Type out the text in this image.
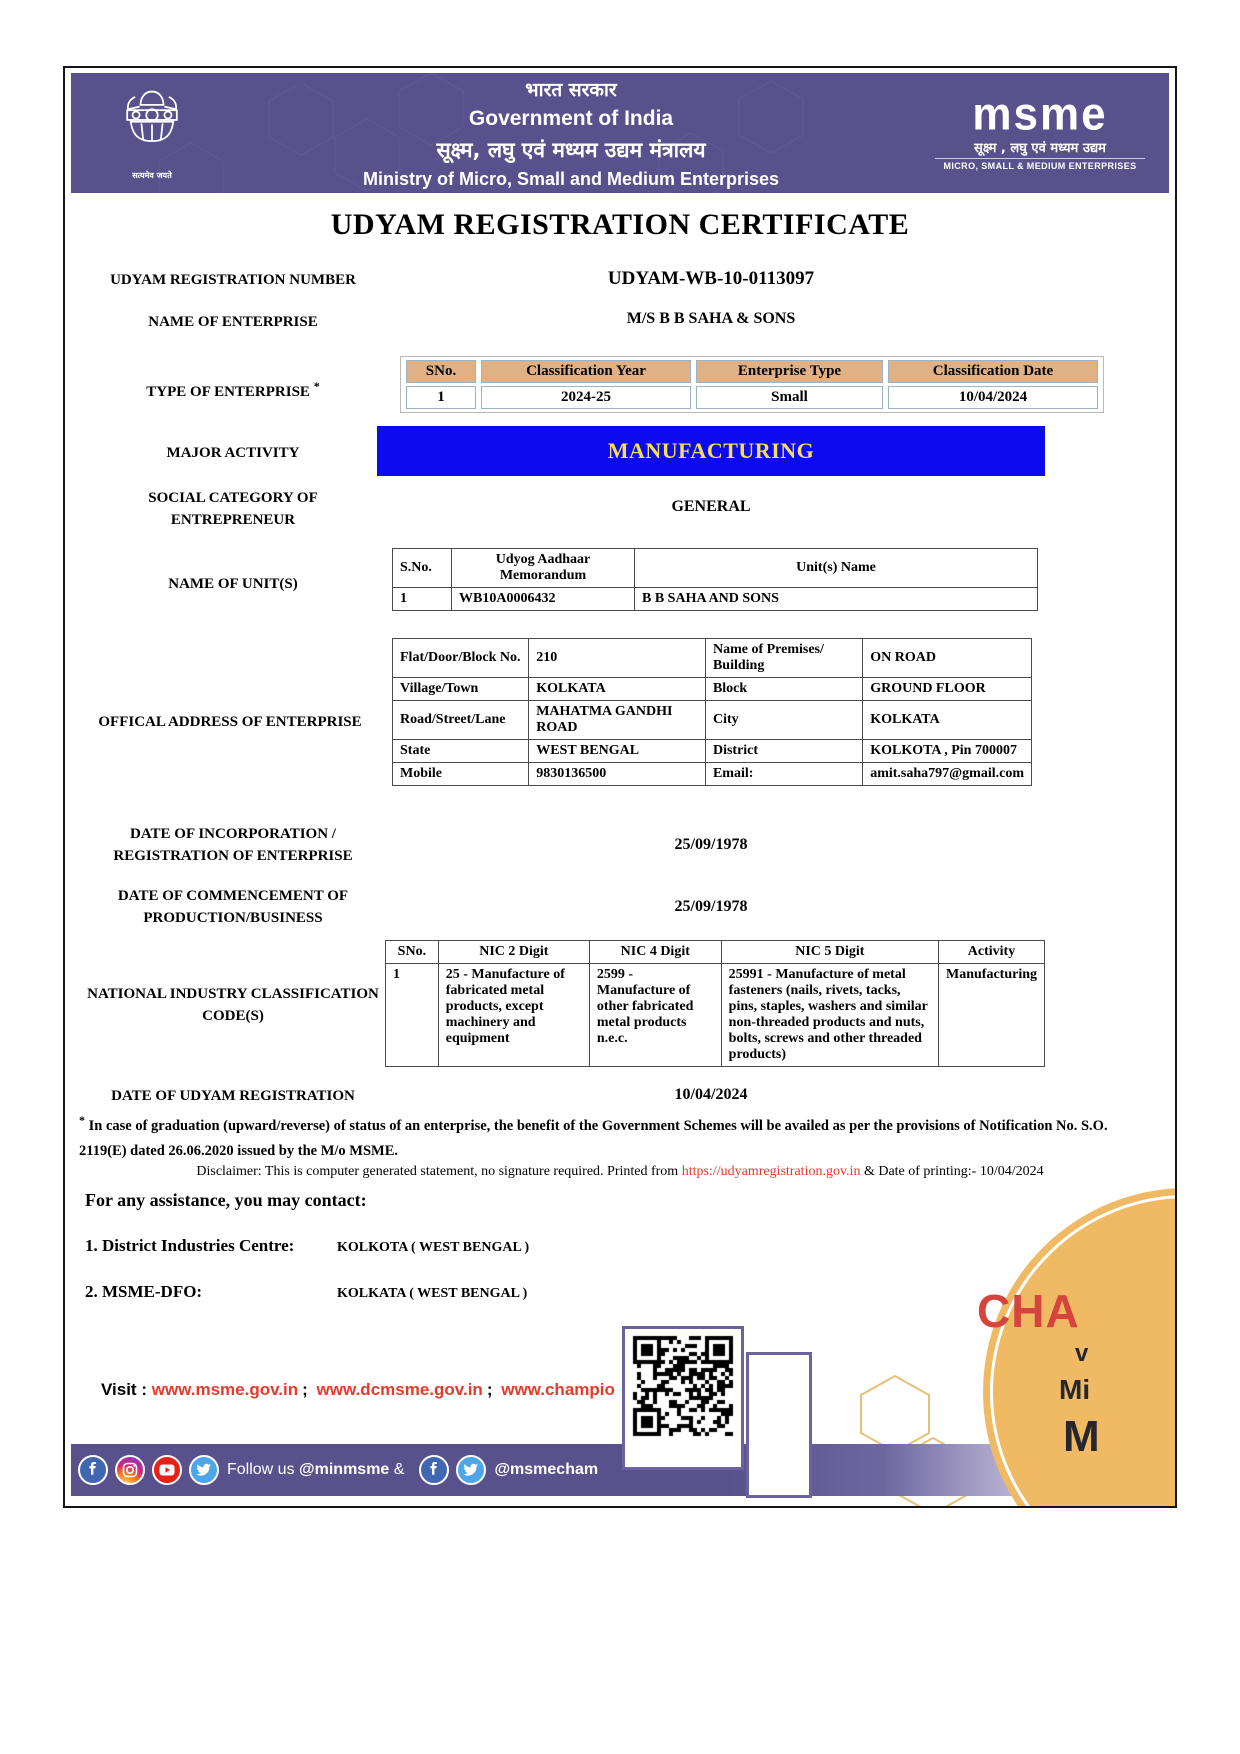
सत्यमेव जयते
भारत सरकार
Government of India
सूक्ष्म, लघु एवं मध्यम उद्यम मंत्रालय
Ministry of Micro, Small and Medium Enterprises
msme
सूक्ष्म , लघु एवं मध्यम उद्यम
MICRO, SMALL & MEDIUM ENTERPRISES
UDYAM REGISTRATION CERTIFICATE
UDYAM REGISTRATION NUMBER	UDYAM-WB-10-0113097
NAME OF ENTERPRISE	M/S B B SAHA & SONS
TYPE OF ENTERPRISE *
SNo.	Classification Year	Enterprise Type	Classification Date
1	2024-25	Small	10/04/2024
MAJOR ACTIVITY	MANUFACTURING
SOCIAL CATEGORY OF ENTREPRENEUR
GENERAL
NAME OF UNIT(S)
S.No.	Udyog Aadhaar Memorandum	Unit(s) Name
1	WB10A0006432	B B SAHA AND SONS
OFFICAL ADDRESS OF ENTERPRISE
Flat/Door/Block No.	210	Name of Premises/ Building	ON ROAD
Village/Town	KOLKATA	Block	GROUND FLOOR
Road/Street/Lane	MAHATMA GANDHI ROAD	City	KOLKATA
State	WEST BENGAL	District	KOLKOTA , Pin 700007
Mobile	9830136500	Email:	amit.saha797@gmail.com
DATE OF INCORPORATION / REGISTRATION OF ENTERPRISE
25/09/1978
DATE OF COMMENCEMENT OF PRODUCTION/BUSINESS
25/09/1978
NATIONAL INDUSTRY CLASSIFICATION CODE(S)
SNo.	NIC 2 Digit	NIC 4 Digit	NIC 5 Digit	Activity
1	25 - Manufacture of fabricated metal products, except machinery and equipment	2599 - Manufacture of other fabricated metal products n.e.c.	25991 - Manufacture of metal fasteners (nails, rivets, tacks, pins, staples, washers and similar non-threaded products and nuts, bolts, screws and other threaded products)	Manufacturing
DATE OF UDYAM REGISTRATION	10/04/2024
* In case of graduation (upward/reverse) of status of an enterprise, the benefit of the Government Schemes will be availed as per the provisions of Notification No. S.O. 2119(E) dated 26.06.2020 issued by the M/o MSME.
Disclaimer: This is computer generated statement, no signature required. Printed from https://udyamregistration.gov.in & Date of printing:- 10/04/2024
For any assistance, you may contact:
1. District Industries Centre:	KOLKOTA ( WEST BENGAL )
2. MSME-DFO:	KOLKATA ( WEST BENGAL )
Visit : www.msme.gov.in ; www.dcmsme.gov.in ; www.champio
Follow us @minmsme &	@msmecham
CHA
v
Mi
M
